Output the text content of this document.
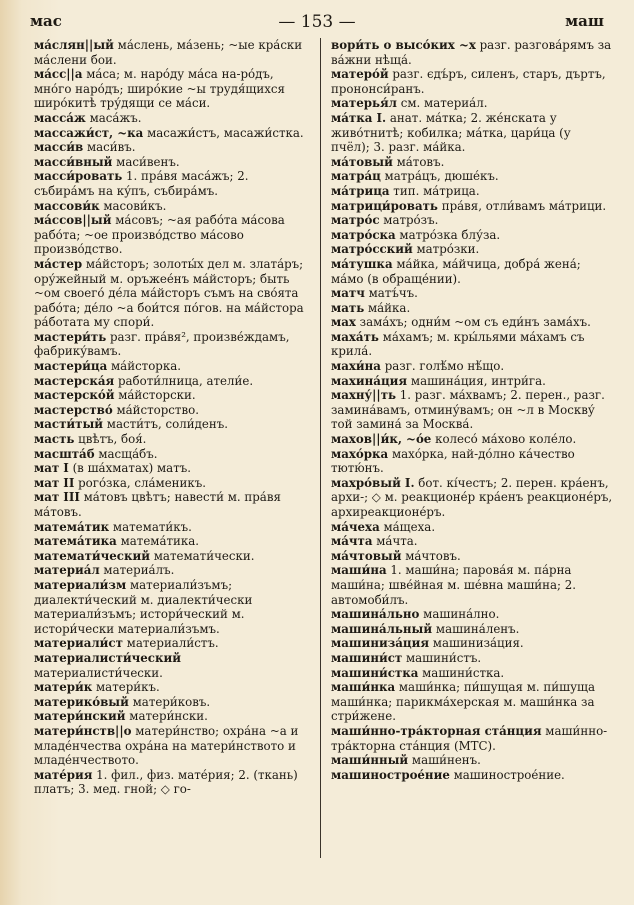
мас	— 153 —	маш

ма́слян||ый ма́слень, ма́зень; ~ые кра́ски ма́слени бои.

ма́сс||а ма́са; м. наро́ду ма́са на-ро́дъ, мно́го наро́дъ; широ́кие ~ы трудя́щихся широ́китѣ тру́дящи се ма́си.

масса́ж маса́жъ.

массажи́ст, ~ка масажи́стъ, масажи́стка.

масси́в маси́въ.

масси́вный маси́венъ.

масси́ровать 1. пра́вя маса́жъ; 2. събира́мъ на ку́пъ, събира́мъ.

массови́к масови́къ.

ма́ссов||ый ма́совъ; ~ая рабо́та ма́сова рабо́та; ~ое произво́дство ма́сово произво́дство.

ма́стер ма́йсторъ; золоты́х дел м. злата́ръ; ору́жейный м. оръжее́нъ ма́йсторъ; быть ~ом своего́ де́ла ма́йсторъ съмъ на сво́ята рабо́та; де́ло ~а бои́тся по́гов. на ма́йстора ра́ботата му спори́.

мастери́ть разг. пра́вя², произве́ждамъ, фабрику́вамъ.

мастери́ца ма́йсторка.

мастерска́я работи́лница, атели́е.

мастерско́й ма́йсторски.

мастерство́ ма́йсторство.

масти́тый масти́тъ, соли́денъ.

масть цвѣтъ, боя́.

масшта́б масща́бъ.

мат I (в ша́хматах) матъ.

мат II рого́зка, сла́меникъ.

мат III ма́товъ цвѣтъ; навести́ м. пра́вя ма́товъ.

матема́тик математи́къ.

матема́тика матема́тика.

математи́ческий математи́чески.

материа́л материа́лъ.

материали́зм материали́зъмъ; диалекти́ческий м. диалекти́чески материали́зъмъ; истори́ческий м. истори́чески материали́зъмъ.

материали́ст материали́стъ.

материалисти́ческий материалисти́чески.

матери́к матери́къ.

материко́вый матери́ковъ.

матери́нский матери́нски.

матери́нств||о матери́нство; охра́на ~а и младе́нчества охра́на на матери́нството и младе́нчеството.

мате́рия 1. фил., физ. мате́рия; 2. (ткань) платъ; 3. мед. гной; ◇ го-

вори́ть о высо́ких ~х разг. разгова́рямъ за ва́жни нѣща́.

матеро́й разг. єдъ́ръ, силенъ, старъ, дъртъ, прононси́ранъ.

матерья́л см. материа́л.

ма́тка I. анат. ма́тка; 2. же́нската у живо́тнитѣ; кобилка; ма́тка, цари́ца (у пчёл); 3. разг. ма́йка.

ма́товый ма́товъ.

матра́ц матра́цъ, дюше́къ.

ма́трица тип. ма́трица.

матрици́ровать пра́вя, отли́вамъ ма́трици.

матро́с матро́зъ.

матро́ска матро́зка блу́за.

матро́сский матро́зки.

ма́тушка ма́йка, ма́йчица, добра́ жена́; ма́мо (в обраще́нии).

матч матъ́чъ.

мать ма́йка.

мах зама́хъ; одни́м ~ом съ еди́нъ зама́хъ.

маха́ть ма́хамъ; м. кры́льями ма́хамъ съ крила́.

махи́на разг. голѣ́мо нѣ́що.

махина́ция машина́ция, интри́га.

махну́||ть 1. разг. ма́хвамъ; 2. перен., разг. замина́вамъ, отмину́вамъ; он ~л в Москву́ той замина́ за Москва́.

махов||и́к, ~о́е колесо́ ма́хово коле́ло.

махо́рка махо́рка, най-до́лно ка́чество тютю́нъ.

махро́вый I. бот. кі́честъ; 2. перен. кра́енъ, архи-; ◇ м. реакционе́р кра́енъ реакционе́ръ, архиреакционе́ръ.

ма́чеха ма́щеха.

ма́чта ма́чта.

ма́чтовый ма́чтовъ.

маши́на 1. маши́на; парова́я м. па́рна маши́на; шве́йная м. ше́вна маши́на; 2. автомоби́лъ.

машина́льно машина́лно.

машина́льный машина́ленъ.

машиниза́ция машиниза́ция.

машини́ст машини́стъ.

машини́стка машини́стка.

маши́нка маши́нка; пи́шущая м. пи́шуща маши́нка; парикма́херская м. маши́нка за стри́жене.

маши́нно-тра́кторная ста́нция маши́нно-тра́кторна ста́нция (МТС).

маши́нный маши́ненъ.

машинострое́ние машинострое́ние.
